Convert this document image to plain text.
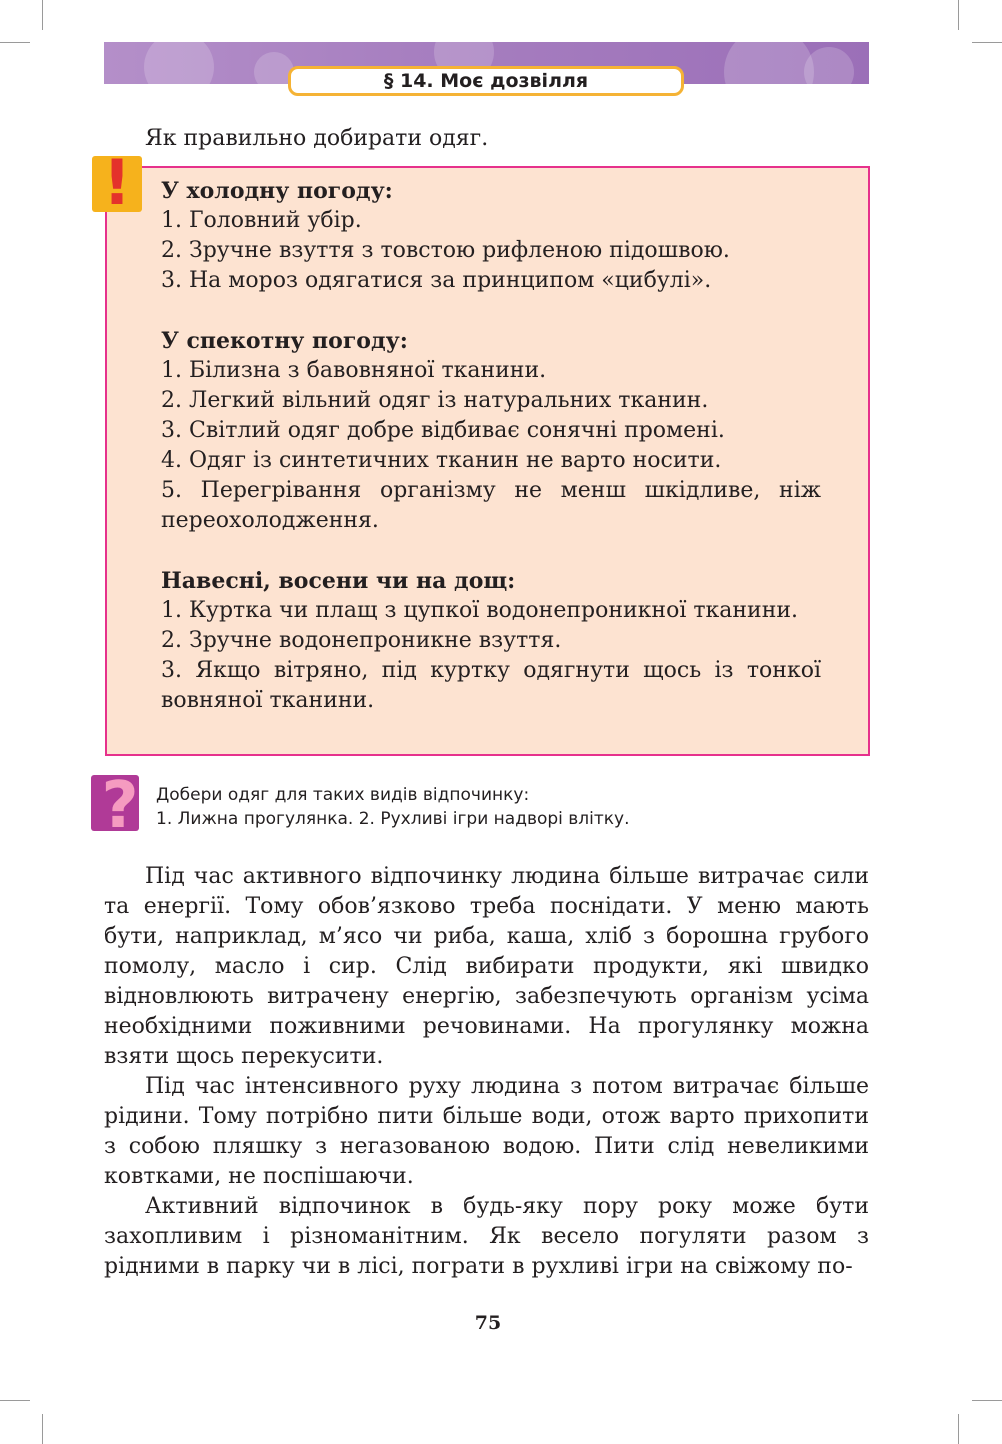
§ 14. Моє дозвілля

Як правильно добирати одяг.

!	У холодну погоду:

1. Головний убір.

2. Зручне взуття з товстою рифленою підошвою.

3. На мороз одягатися за принципом «цибулі».

У спекотну погоду:

1. Білизна з бавовняної тканини.

2. Легкий вільний одяг із натуральних тканин.

3. Світлий одяг добре відбиває сонячні промені.

4. Одяг із синтетичних тканин не варто носити.

5. Перегрівання організму не менш шкідливе, ніж переохолодження.

Навесні, восени чи на дощ:

1. Куртка чи плащ з цупкої водонепроникної тканини.

2. Зручне водонепроникне взуття.

3. Якщо вітряно, під куртку одягнути щось із тонкої вовняної тканини.

?	Добери одяг для таких видів відпочинку:

1. Лижна прогулянка. 2. Рухливі ігри надворі влітку.

Під час активного відпочинку людина більше витрачає сили та енергії. Тому обов’язково треба поснідати. У меню мають бути, наприклад, м’ясо чи риба, каша, хліб з борошна грубого помолу, масло і сир. Слід вибирати продукти, які швидко відновлюють витрачену енергію, забезпечують організм усіма необхідними поживними речовинами. На прогулянку можна взяти щось перекусити.

Під час інтенсивного руху людина з потом витрачає більше рідини. Тому потрібно пити більше води, отож варто прихопити з собою пляшку з негазованою водою. Пити слід невеликими ковтками, не поспішаючи.

Активний відпочинок в будь-яку пору року може бути захопливим і різноманітним. Як весело погуляти разом з рідними в парку чи в лісі, пограти в рухливі ігри на свіжому по-

75
